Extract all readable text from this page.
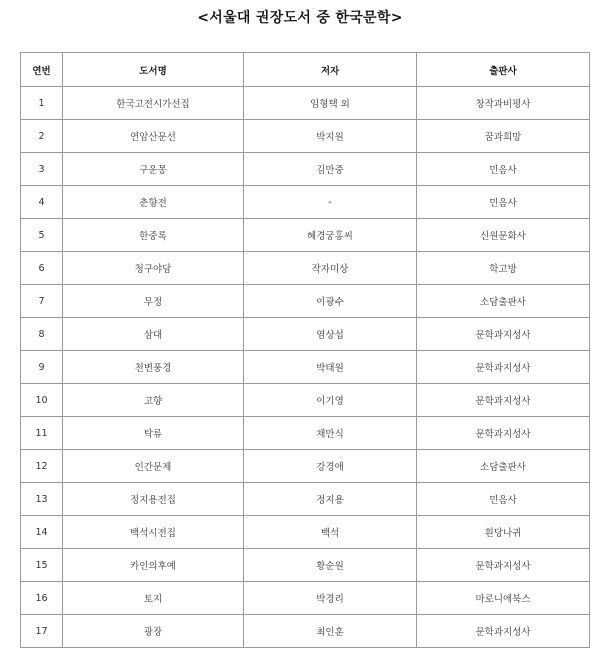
<서울대 권장도서 중 한국문학>
연번	도서명	저자	출판사
1	한국고전시가선집	임형택 외	창작과비평사
2	연암산문선	박지원	꿈과희망
3	구운몽	김만중	민음사
4	춘향전	-	민음사
5	한중록	혜경궁홍씨	신원문화사
6	청구야담	작자미상	학고방
7	무정	이광수	소담출판사
8	삼대	염상섭	문학과지성사
9	천변풍경	박태원	문학과지성사
10	고향	이기영	문학과지성사
11	탁류	채만식	문학과지성사
12	인간문제	강경애	소담출판사
13	정지용전집	정지용	민음사
14	백석시전집	백석	흰당나귀
15	카인의후예	황순원	문학과지성사
16	토지	박경리	마로니에북스
17	광장	최인훈	문학과지성사
